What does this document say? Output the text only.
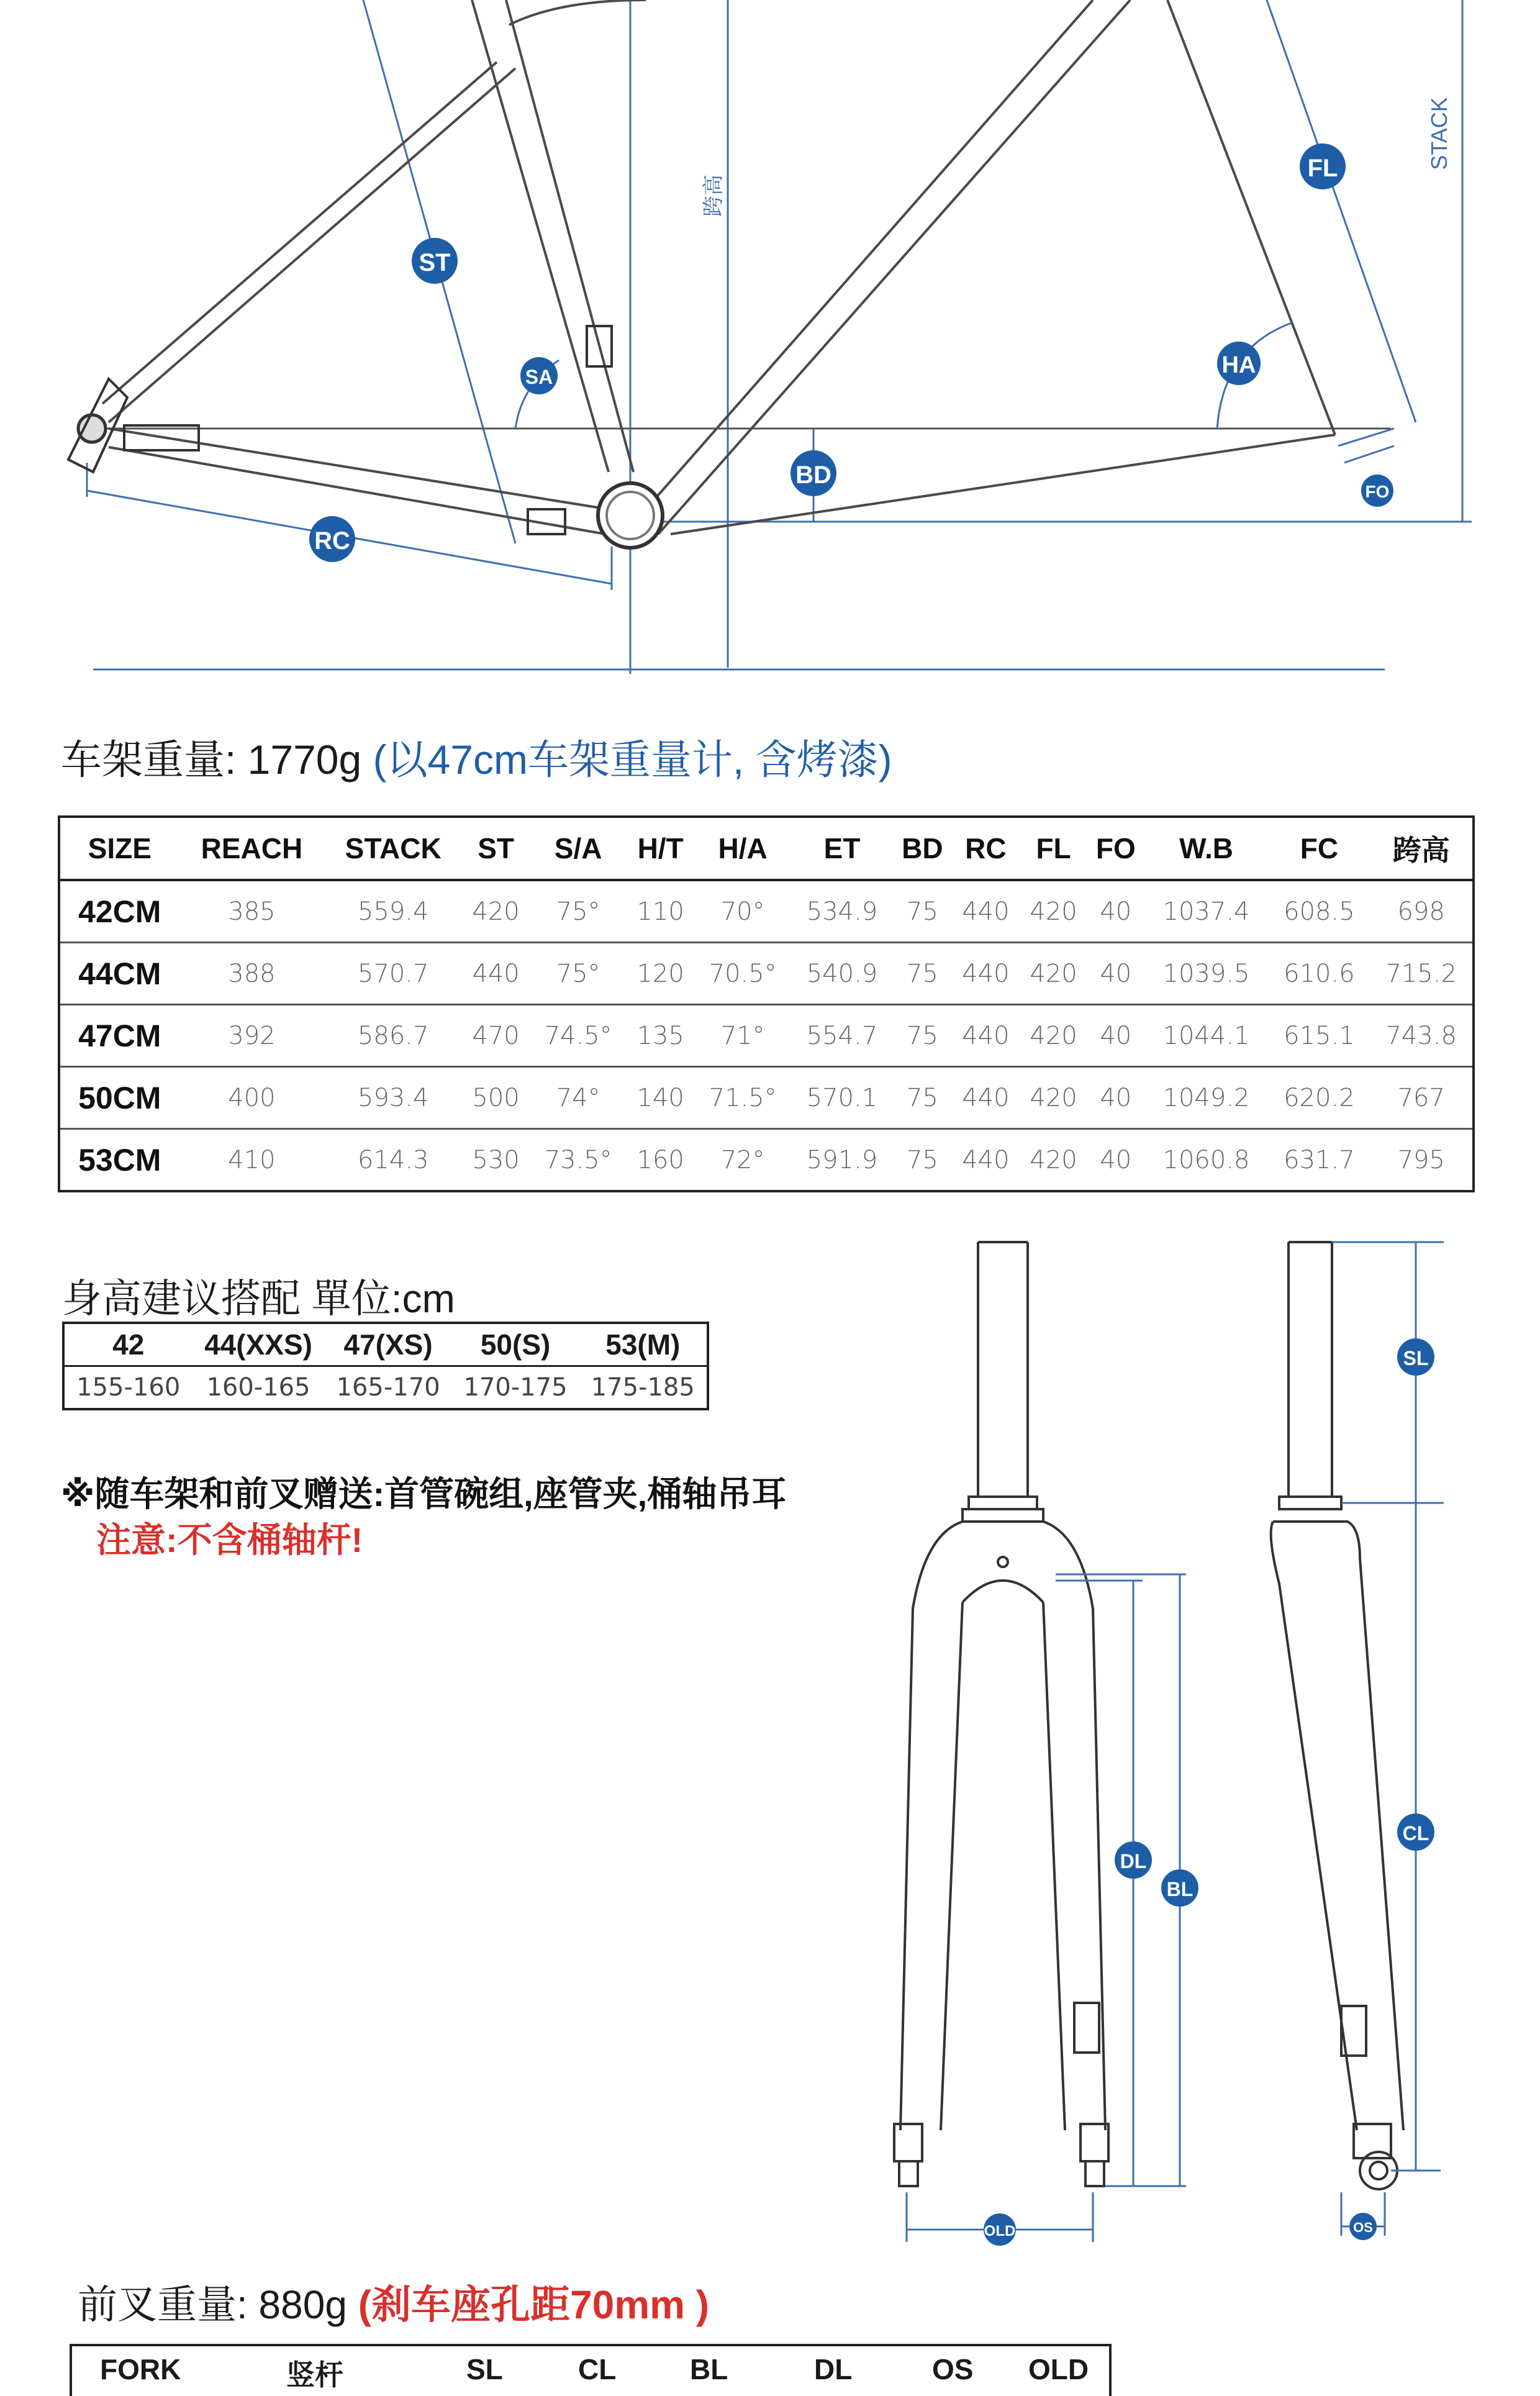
ST
SA
RC
BD
HA
FL
FO
STACK
跨高
车架重量: 1770g (以47cm车架重量计, 含烤漆)
SIZE	REACH	STACK	ST	S/A	H/T	H/A	ET	BD	RC	FL	FO	W.B	FC	跨高
42CM	385	559.4	420	75°	110	70°	534.9	75	440	420	40	1037.4	608.5	698
44CM	388	570.7	440	75°	120	70.5°	540.9	75	440	420	40	1039.5	610.6	715.2
47CM	392	586.7	470	74.5°	135	71°	554.7	75	440	420	40	1044.1	615.1	743.8
50CM	400	593.4	500	74°	140	71.5°	570.1	75	440	420	40	1049.2	620.2	767
53CM	410	614.3	530	73.5°	160	72°	591.9	75	440	420	40	1060.8	631.7	795
身高建议搭配 單位:cm
42	44(XXS)	47(XS)	50(S)	53(M)
155-160	160-165	165-170	170-175	175-185
※随车架和前叉赠送:首管碗组,座管夹,桶轴吊耳
注意:不含桶轴杆!
OLD
DL
BL
SL
CL
OS
前叉重量: 880g (刹车座孔距70mm )
FORK	竖杆	SL	CL	BL	DL	OS OLD
